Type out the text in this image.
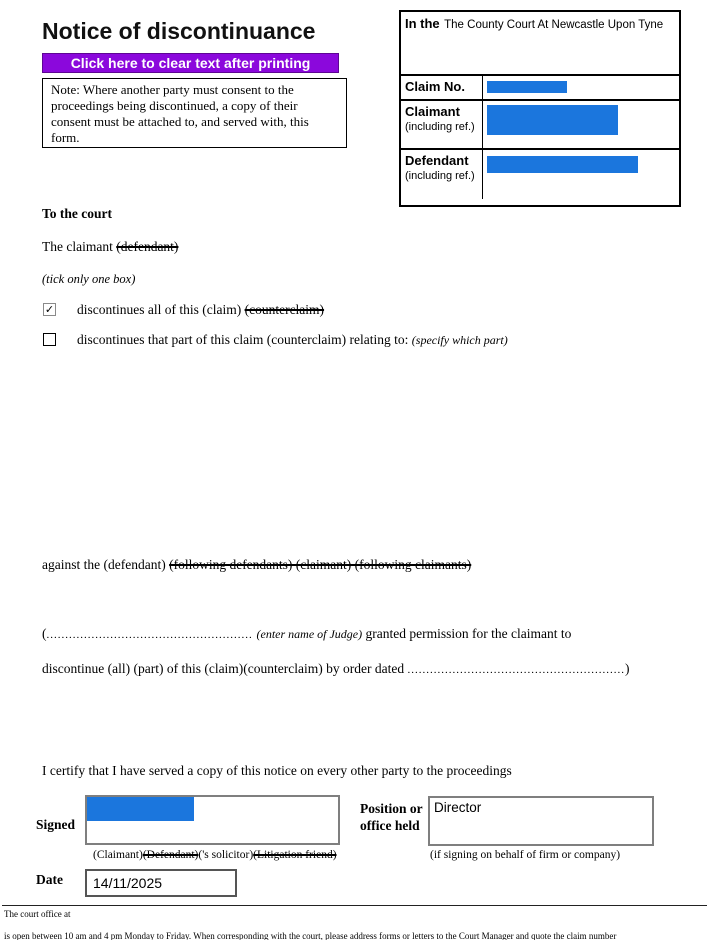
Notice of discontinuance
Click here to clear text after printing
Note: Where another party must consent to the proceedings being discontinued, a copy of their consent must be attached to, and served with, this form.
In the The County Court At Newcastle Upon Tyne
Claim No.
Claimant
(including ref.)
Defendant
(including ref.)
To the court
The claimant (defendant)
(tick only one box)
✓ discontinues all of this (claim) (counterclaim)
discontinues that part of this claim (counterclaim) relating to: (specify which part)
against the (defendant) (following defendants) (claimant) (following claimants)
(....................................................... (enter name of Judge) granted permission for the claimant to
discontinue (all) (part) of this (claim)(counterclaim) by order dated ..........................................................)
I certify that I have served a copy of this notice on every other party to the proceedings
Signed
(Claimant)(Defendant)('s solicitor)(Litigation friend)
Position or office held
Director
(if signing on behalf of firm or company)
Date	14/11/2025
The court office at
is open between 10 am and 4 pm Monday to Friday. When corresponding with the court, please address forms or letters to the Court Manager and quote the claim number
